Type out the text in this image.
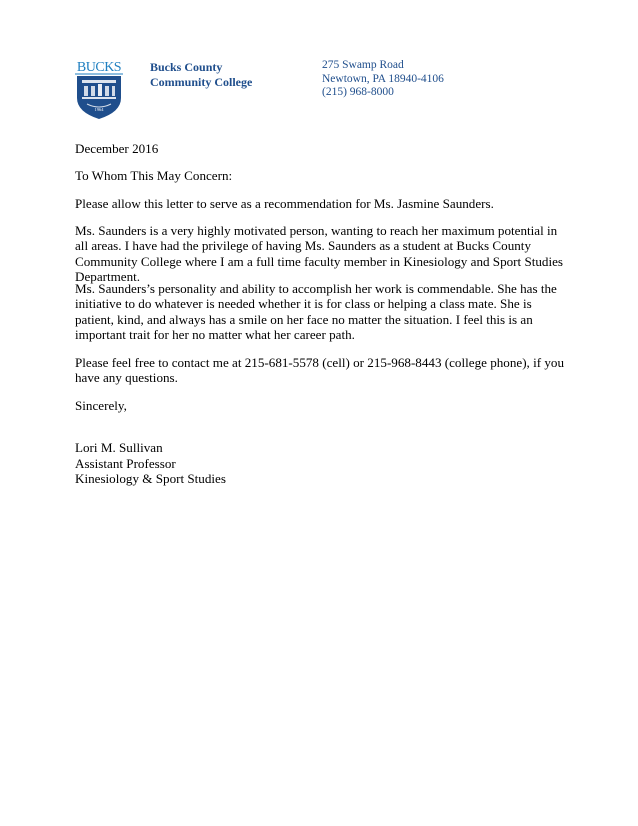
BUCKS
1964
Bucks County
Community College
275 Swamp Road
Newtown, PA 18940-4106
(215) 968-8000
December 2016
To Whom This May Concern:
Please allow this letter to serve as a recommendation for Ms. Jasmine Saunders.

Ms. Saunders is a very highly motivated person, wanting to reach her maximum potential in all areas. I have had the privilege of having Ms. Saunders as a student at Bucks County Community College where I am a full time faculty member in Kinesiology and Sport Studies Department.

Ms. Saunders’s personality and ability to accomplish her work is commendable. She has the initiative to do whatever is needed whether it is for class or helping a class mate. She is patient, kind, and always has a smile on her face no matter the situation. I feel this is an important trait for her no matter what her career path.

Please feel free to contact me at 215-681-5578 (cell) or 215-968-8443 (college phone), if you have any questions.

Sincerely,
Lori M. Sullivan
Assistant Professor
Kinesiology & Sport Studies
